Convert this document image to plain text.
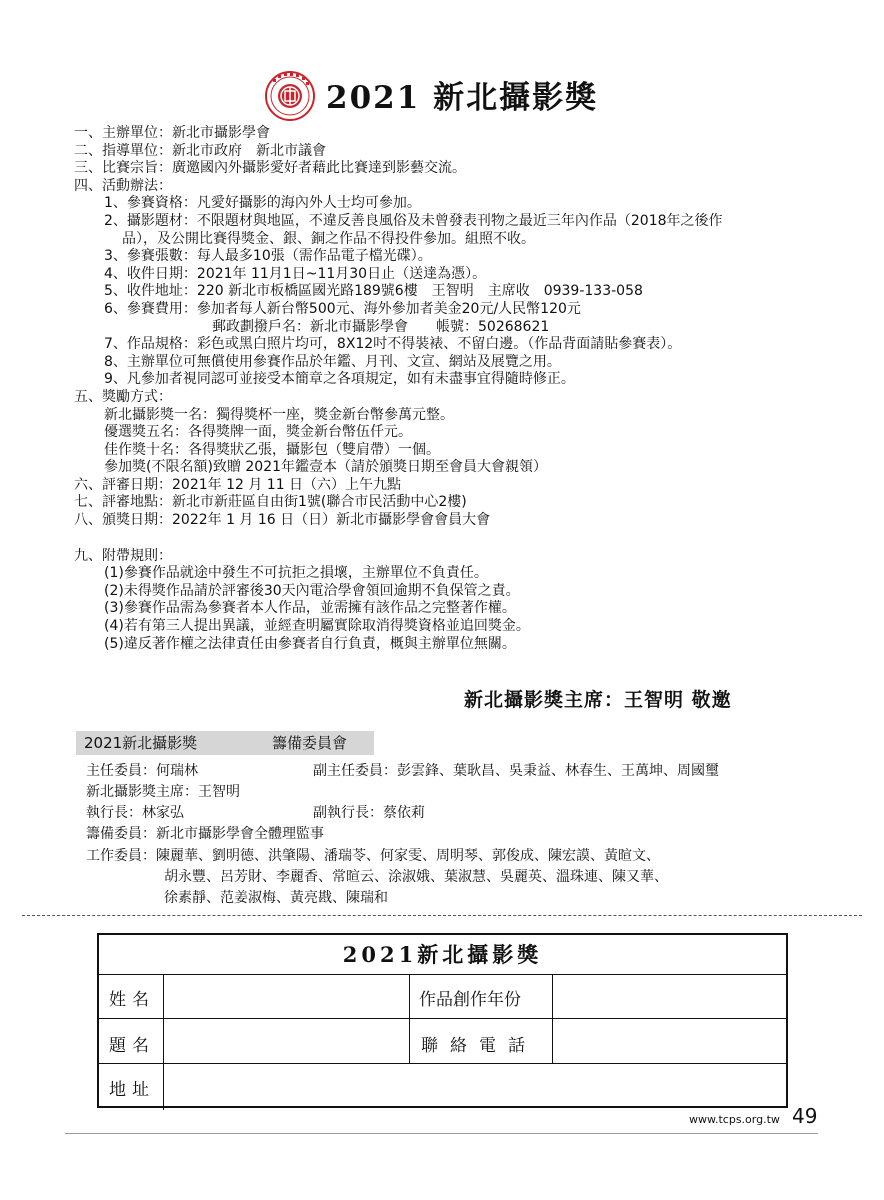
2021 新北攝影獎
一、主辦單位：新北市攝影學會
二、指導單位：新北市政府　新北市議會
三、比賽宗旨：廣邀國內外攝影愛好者藉此比賽達到影藝交流。
四、活動辦法：
1、參賽資格：凡愛好攝影的海內外人士均可參加。
2、攝影題材：不限題材與地區，不違反善良風俗及未曾發表刊物之最近三年內作品（2018年之後作
品），及公開比賽得獎金、銀、銅之作品不得投件參加。組照不收。
3、參賽張數：每人最多10張（需作品電子檔光碟）。
4、收件日期：2021年 11月1日~11月30日止（送達為憑）。
5、收件地址：220 新北市板橋區國光路189號6樓　王智明　主席收　0939-133-058
6、參賽費用：參加者每人新台幣500元、海外參加者美金20元/人民幣120元
郵政劃撥戶名：新北市攝影學會　　帳號：50268621
7、作品規格：彩色或黑白照片均可，8X12吋不得裝裱、不留白邊。（作品背面請貼參賽表）。
8、主辦單位可無償使用參賽作品於年鑑、月刊、文宣、網站及展覽之用。
9、凡參加者視同認可並接受本簡章之各項規定，如有未盡事宜得隨時修正。
五、獎勵方式：
新北攝影獎一名：獨得獎杯一座，獎金新台幣參萬元整。
優選獎五名：各得獎牌一面，獎金新台幣伍仟元。
佳作獎十名：各得獎狀乙張，攝影包（雙肩帶）一個。
參加獎(不限名額)致贈 2021年鑑壹本（請於頒獎日期至會員大會親領）
六、評審日期：2021年 12 月 11 日（六）上午九點
七、評審地點：新北市新莊區自由街1號(聯合市民活動中心2樓)
八、頒獎日期：2022年 1 月 16 日（日）新北市攝影學會會員大會
九、附帶規則：
(1)參賽作品就途中發生不可抗拒之損壞，主辦單位不負責任。
(2)未得獎作品請於評審後30天內電洽學會領回逾期不負保管之責。
(3)參賽作品需為參賽者本人作品，並需擁有該作品之完整著作權。
(4)若有第三人提出異議，並經查明屬實除取消得獎資格並追回獎金。
(5)違反著作權之法律責任由參賽者自行負責，概與主辦單位無關。
新北攝影獎主席：王智明 敬邀
2021新北攝影獎	籌備委員會
主任委員：何瑞林	副主任委員：彭雲鋒、葉耿昌、吳秉益、林春生、王萬坤、周國璽
新北攝影獎主席：王智明
執行長：林家弘	副執行長：蔡依莉
籌備委員：新北市攝影學會全體理監事
工作委員：陳麗華、劉明德、洪肇陽、潘瑞苓、何家雯、周明琴、郭俊成、陳宏謨、黃暄文、
胡永豐、呂芳財、李麗香、常暄云、涂淑娥、葉淑慧、吳麗英、溫珠連、陳又華、
徐素靜、范姜淑梅、黃亮戡、陳瑞和
2021新北攝影獎
姓名	作品創作年份
題名	聯絡電話
地址
www.tcps.org.tw 49
